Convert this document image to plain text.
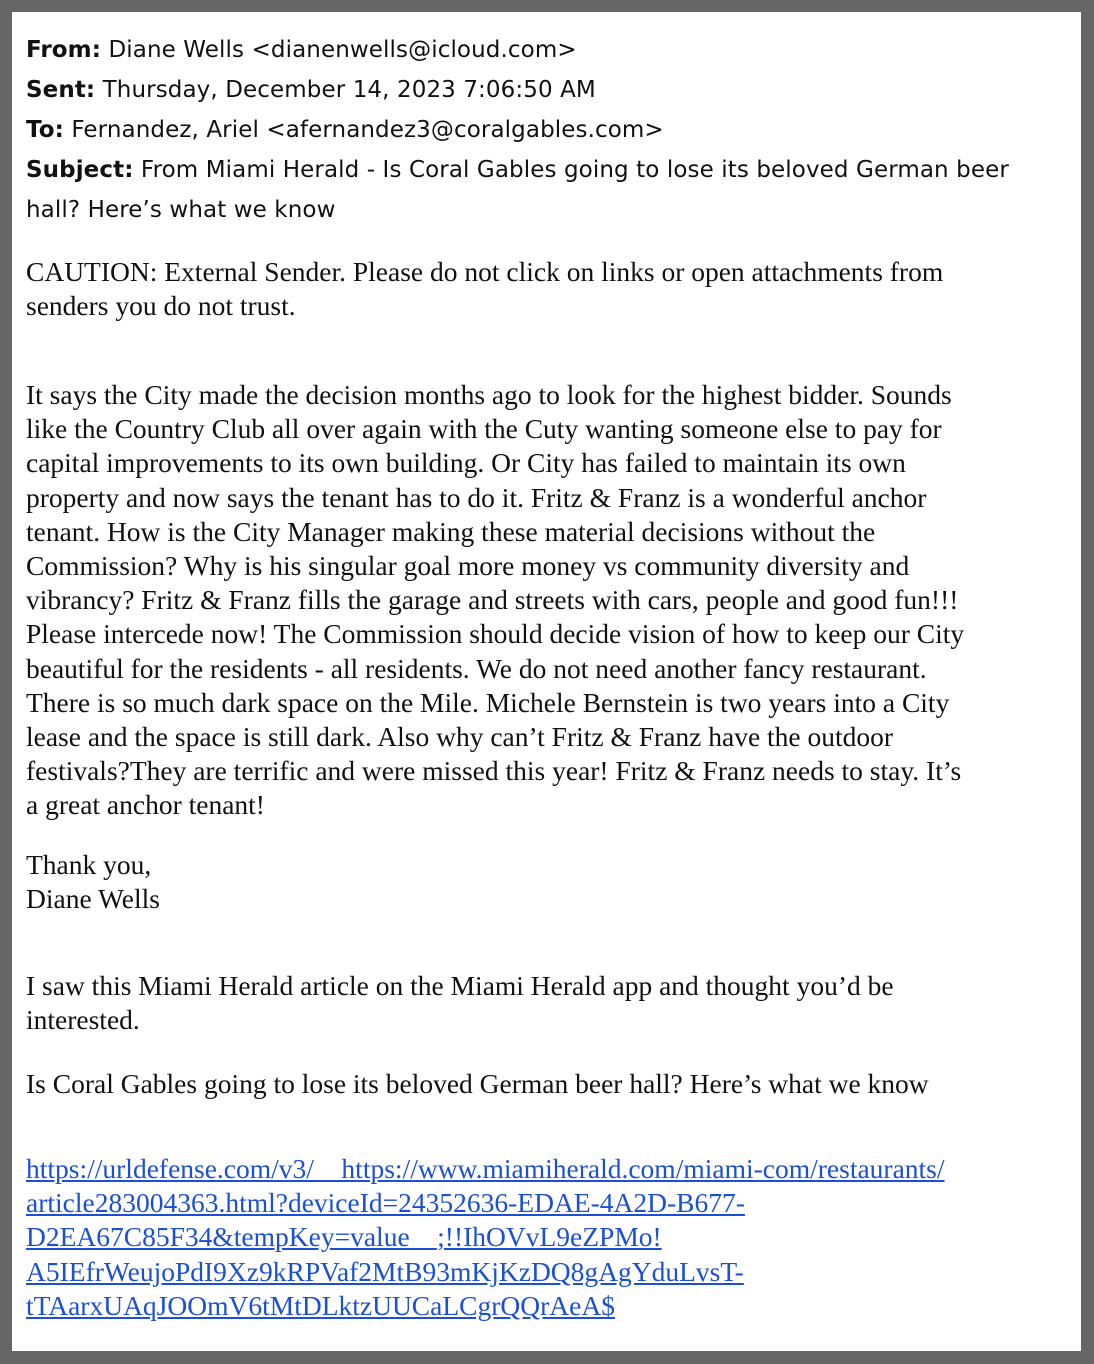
From: Diane Wells <dianenwells@icloud.com>
Sent: Thursday, December 14, 2023 7:06:50 AM
To: Fernandez, Ariel <afernandez3@coralgables.com>
Subject: From Miami Herald - Is Coral Gables going to lose its beloved German beer hall? Here’s what we know
CAUTION: External Sender. Please do not click on links or open attachments from
senders you do not trust.
It says the City made the decision months ago to look for the highest bidder. Sounds
like the Country Club all over again with the Cuty wanting someone else to pay for
capital improvements to its own building. Or City has failed to maintain its own
property and now says the tenant has to do it. Fritz & Franz is a wonderful anchor
tenant. How is the City Manager making these material decisions without the
Commission? Why is his singular goal more money vs community diversity and
vibrancy? Fritz & Franz fills the garage and streets with cars, people and good fun!!!
Please intercede now! The Commission should decide vision of how to keep our City
beautiful for the residents - all residents. We do not need another fancy restaurant.
There is so much dark space on the Mile. Michele Bernstein is two years into a City
lease and the space is still dark. Also why can’t Fritz & Franz have the outdoor
festivals?They are terrific and were missed this year! Fritz & Franz needs to stay. It’s
a great anchor tenant!
Thank you,
Diane Wells
I saw this Miami Herald article on the Miami Herald app and thought you’d be
interested.
Is Coral Gables going to lose its beloved German beer hall? Here’s what we know
https://urldefense.com/v3/__https://www.miamiherald.com/miami-com/restaurants/
article283004363.html?deviceId=24352636-EDAE-4A2D-B677-
D2EA67C85F34&tempKey=value__;!!IhOVvL9eZPMo!
A5IEfrWeujoPdI9Xz9kRPVaf2MtB93mKjKzDQ8gAgYduLvsT-
tTAarxUAqJOOmV6tMtDLktzUUCaLCgrQQrAeA$
